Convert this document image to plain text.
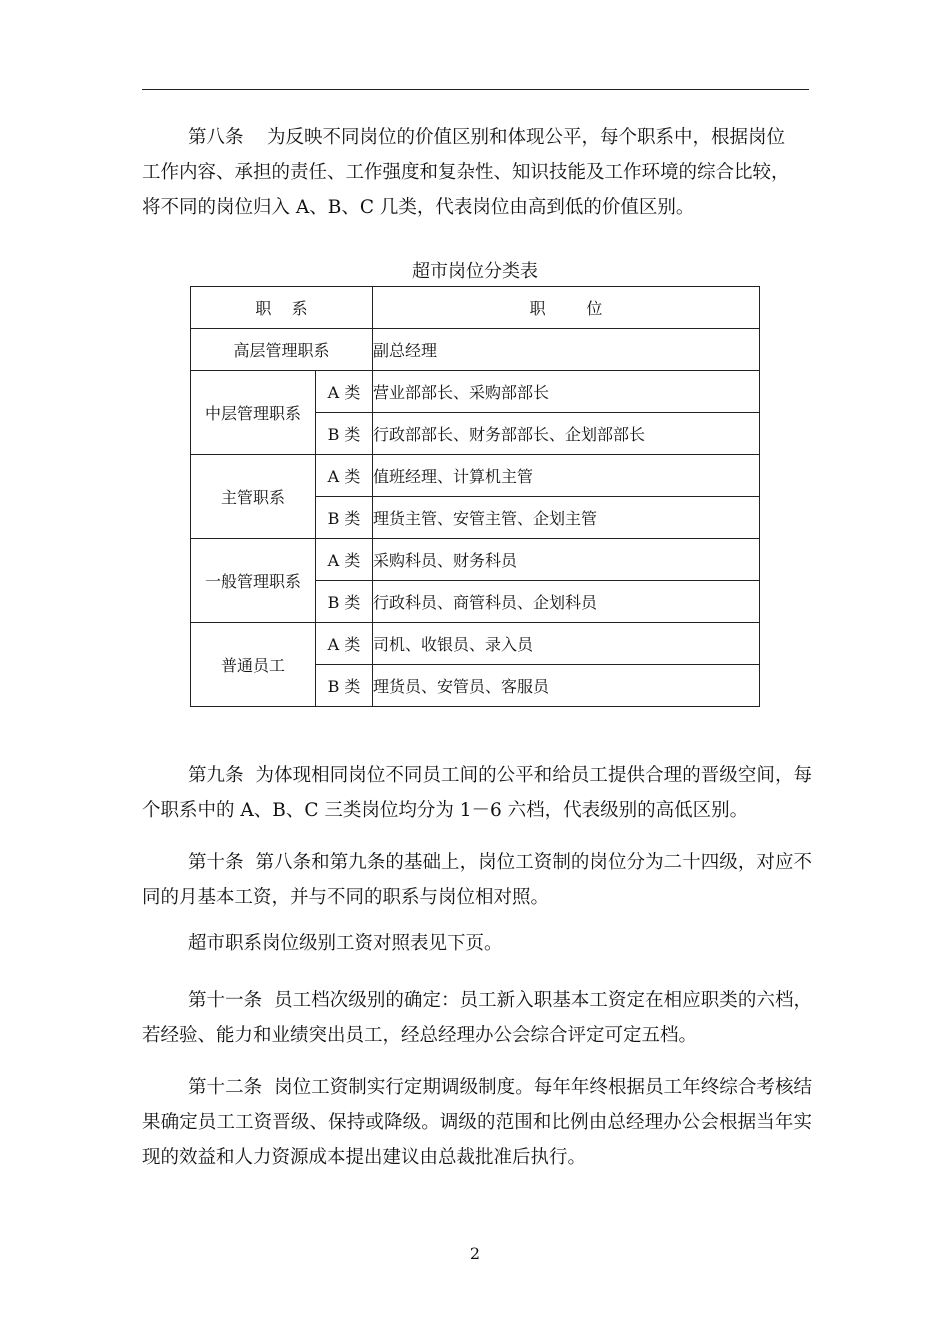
第八条    为反映不同岗位的价值区别和体现公平，每个职系中，根据岗位
工作内容、承担的责任、工作强度和复杂性、知识技能及工作环境的综合比较，
将不同的岗位归入 A、B、C 几类，代表岗位由高到低的价值区别。

超市岗位分类表
职    系		职        位
高层管理职系		副总经理
中层管理职系	A 类	营业部部长、采购部部长
	B 类	行政部部长、财务部部长、企划部部长
主管职系	A 类	值班经理、计算机主管
	B 类	理货主管、安管主管、企划主管
一般管理职系	A 类	采购科员、财务科员
	B 类	行政科员、商管科员、企划科员
普通员工	A 类	司机、收银员、录入员
	B 类	理货员、安管员、客服员

第九条  为体现相同岗位不同员工间的公平和给员工提供合理的晋级空间，每个职系中的 A、B、C 三类岗位均分为 1－6 六档，代表级别的高低区别。

第十条  第八条和第九条的基础上，岗位工资制的岗位分为二十四级，对应不同的月基本工资，并与不同的职系与岗位相对照。

超市职系岗位级别工资对照表见下页。

第十一条  员工档次级别的确定：员工新入职基本工资定在相应职类的六档，若经验、能力和业绩突出员工，经总经理办公会综合评定可定五档。

第十二条  岗位工资制实行定期调级制度。每年年终根据员工年终综合考核结果确定员工工资晋级、保持或降级。调级的范围和比例由总经理办公会根据当年实现的效益和人力资源成本提出建议由总裁批准后执行。

2
